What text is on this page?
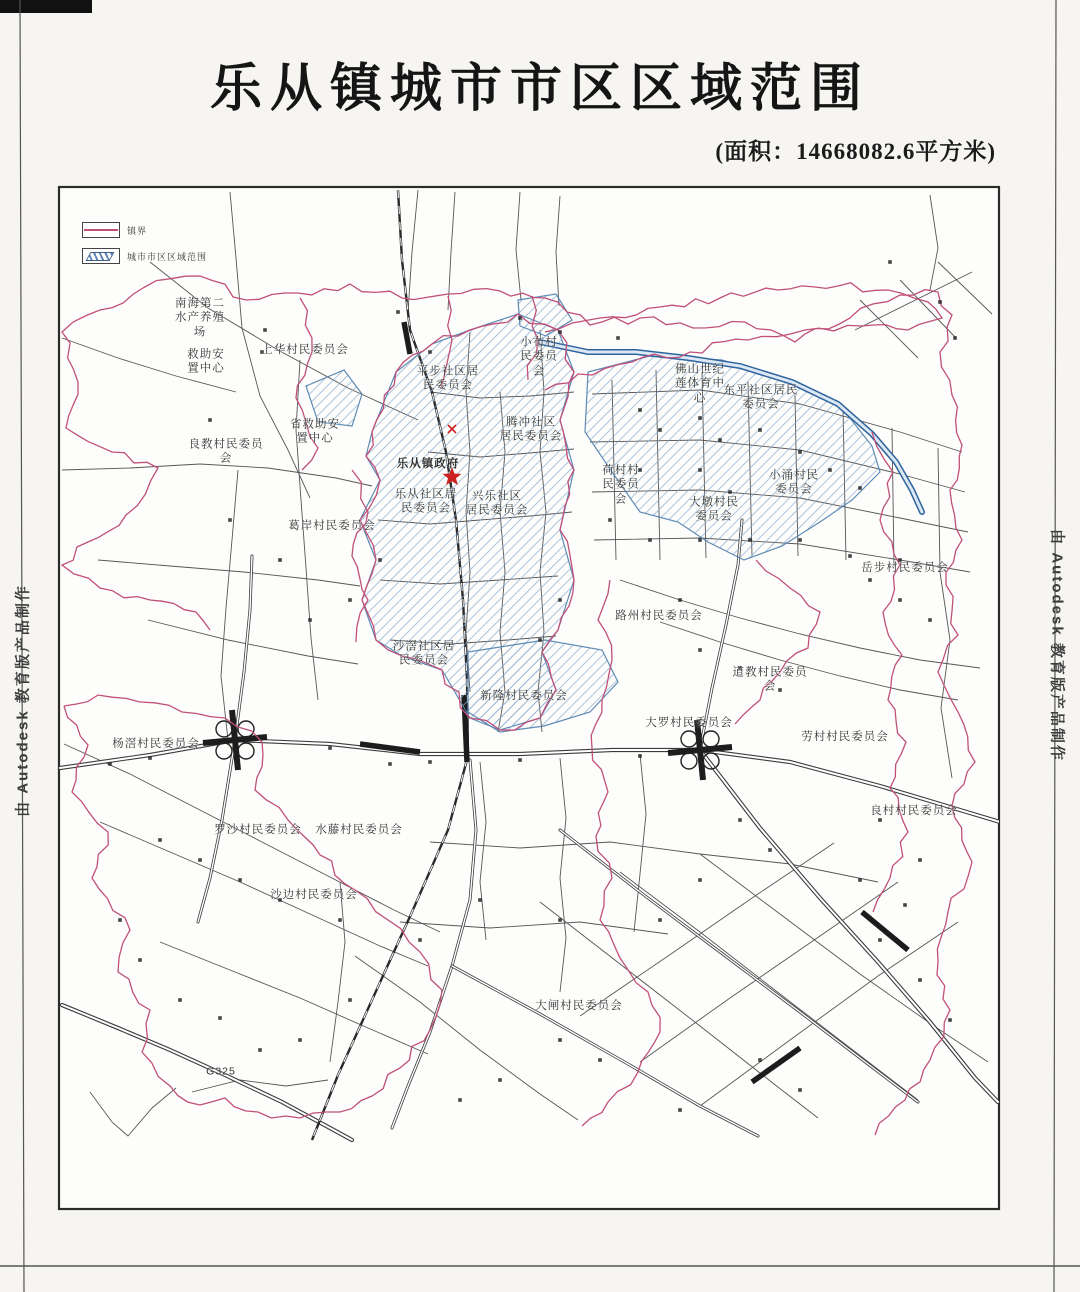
乐从镇城市市区区域范围
(面积：14668082.6平方米)
由 Autodesk 教育版产品制作	由 Autodesk 教育版产品制作
镇界
城市市区区域范围
南海第二
水产养殖
场
救助安
置中心
上华村民委员会
平步社区居
民委员会
小布村
民委员
会	佛山世纪
莲体育中
心
东平社区居民
委员会
腾冲社区
居民委员会
省救助安
置中心
良教村民委员
会
乐从社区居
民委员会
兴乐社区
居民委员会
葛岸村民委员会
荷村村
民委员
会	大墩村民
委员会
小涌村民
委员会
岳步村民委员会
路州村民委员会
沙滘社区居
民委员会
新隆村民委员会
道教村民委员
会
大罗村民委员会
劳村村民委员会
良村村民委员会
杨滘村民委员会
罗沙村民委员会 水藤村民委员会
沙边村民委员会
大闸村民委员会
乐从镇政府
G325
